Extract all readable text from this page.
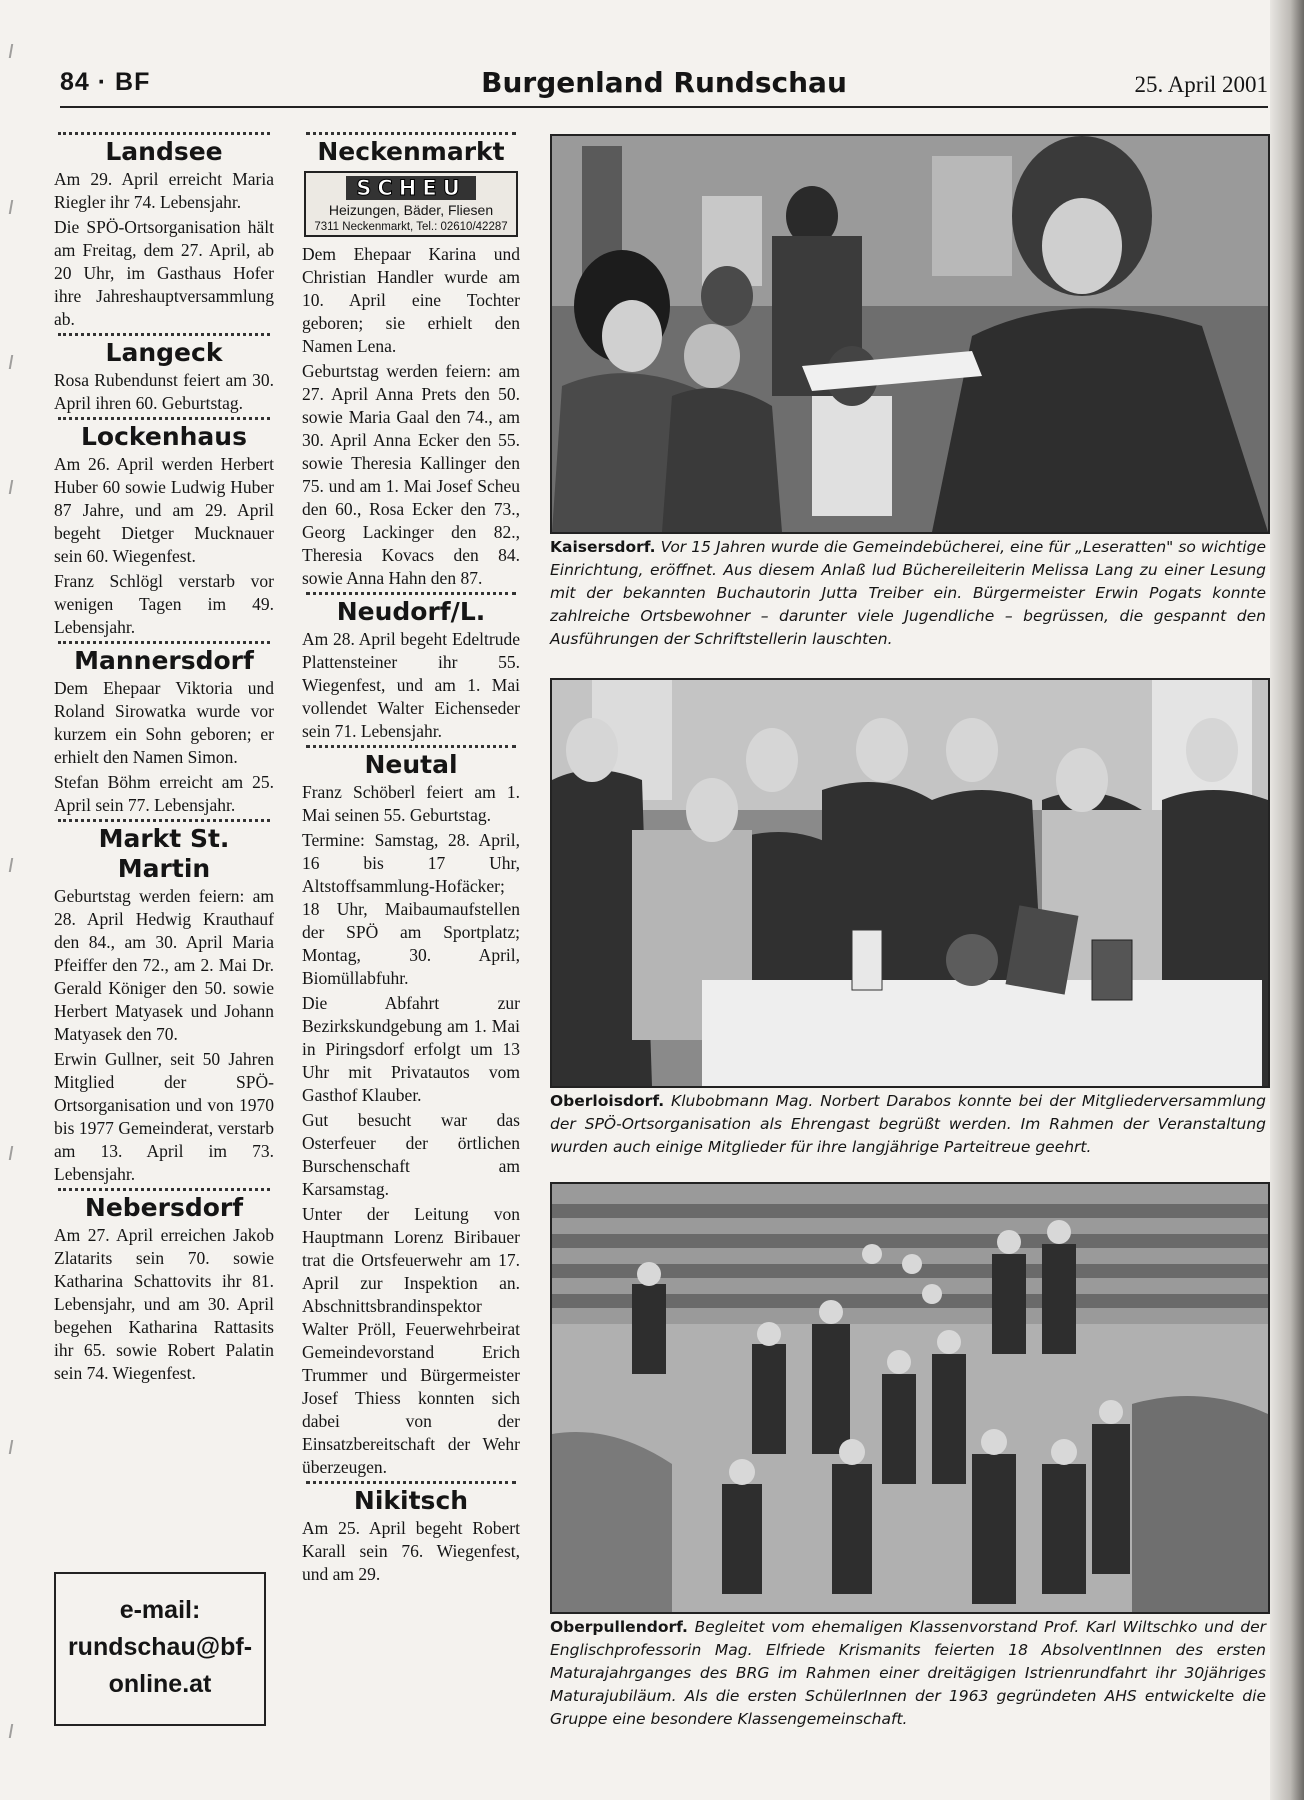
84 · BF	Burgenland Rundschau	25. April 2001
Landsee

Am 29. April erreicht Maria Riegler ihr 74. Lebensjahr.

Die SPÖ-Ortsorganisation hält am Freitag, dem 27. April, ab 20 Uhr, im Gasthaus Hofer ihre Jahreshauptversammlung ab.

Langeck

Rosa Rubendunst feiert am 30. April ihren 60. Geburtstag.

Lockenhaus

Am 26. April werden Herbert Huber 60 sowie Ludwig Huber 87 Jahre, und am 29. April begeht Dietger Mucknauer sein 60. Wiegenfest.

Franz Schlögl verstarb vor wenigen Tagen im 49. Lebensjahr.

Mannersdorf

Dem Ehepaar Viktoria und Roland Sirowatka wurde vor kurzem ein Sohn geboren; er erhielt den Namen Simon.

Stefan Böhm erreicht am 25. April sein 77. Lebensjahr.

Markt St. Martin

Geburtstag werden feiern: am 28. April Hedwig Krauthauf den 84., am 30. April Maria Pfeiffer den 72., am 2. Mai Dr. Gerald Königer den 50. sowie Herbert Matyasek und Johann Matyasek den 70.

Erwin Gullner, seit 50 Jahren Mitglied der SPÖ-Ortsorganisation und von 1970 bis 1977 Gemeinderat, verstarb am 13. April im 73. Lebensjahr.

Nebersdorf

Am 27. April erreichen Jakob Zlatarits sein 70. sowie Katharina Schattovits ihr 81. Lebensjahr, und am 30. April begehen Katharina Rattasits ihr 65. sowie Robert Palatin sein 74. Wiegenfest.

e-mail:
rundschau@bf-
online.at
Neckenmarkt
SCHEU
Heizungen, Bäder, Fliesen
7311 Neckenmarkt, Tel.: 02610/42287

Dem Ehepaar Karina und Christian Handler wurde am 10. April eine Tochter geboren; sie erhielt den Namen Lena.

Geburtstag werden feiern: am 27. April Anna Prets den 50. sowie Maria Gaal den 74., am 30. April Anna Ecker den 55. sowie Theresia Kallinger den 75. und am 1. Mai Josef Scheu den 60., Rosa Ecker den 73., Georg Lackinger den 82., Theresia Kovacs den 84. sowie Anna Hahn den 87.

Neudorf/L.

Am 28. April begeht Edeltrude Plattensteiner ihr 55. Wiegenfest, und am 1. Mai vollendet Walter Eichenseder sein 71. Lebensjahr.

Neutal

Franz Schöberl feiert am 1. Mai seinen 55. Geburtstag.

Termine: Samstag, 28. April, 16 bis 17 Uhr, Altstoffsammlung-Hofäcker; 18 Uhr, Maibaumaufstellen der SPÖ am Sportplatz; Montag, 30. April, Biomüllabfuhr.

Die Abfahrt zur Bezirkskundgebung am 1. Mai in Piringsdorf erfolgt um 13 Uhr mit Privatautos vom Gasthof Klauber.

Gut besucht war das Osterfeuer der örtlichen Burschenschaft am Karsamstag.

Unter der Leitung von Hauptmann Lorenz Biribauer trat die Ortsfeuerwehr am 17. April zur Inspektion an. Abschnittsbrandinspektor Walter Pröll, Feuerwehrbeirat Gemeindevorstand Erich Trummer und Bürgermeister Josef Thiess konnten sich dabei von der Einsatzbereitschaft der Wehr überzeugen.

Nikitsch

Am 25. April begeht Robert Karall sein 76. Wiegenfest, und am 29.

Kaisersdorf. Vor 15 Jahren wurde die Gemeindebücherei, eine für „Leseratten" so wichtige Einrichtung, eröffnet. Aus diesem Anlaß lud Büchereileiterin Melissa Lang zu einer Lesung mit der bekannten Buchautorin Jutta Treiber ein. Bürgermeister Erwin Pogats konnte zahlreiche Ortsbewohner – darunter viele Jugendliche – begrüssen, die gespannt den Ausführungen der Schriftstellerin lauschten.
Oberloisdorf. Klubobmann Mag. Norbert Darabos konnte bei der Mitgliederversammlung der SPÖ-Ortsorganisation als Ehrengast begrüßt werden. Im Rahmen der Veranstaltung wurden auch einige Mitglieder für ihre langjährige Parteitreue geehrt.
Oberpullendorf. Begleitet vom ehemaligen Klassenvorstand Prof. Karl Wiltschko und der Englischprofessorin Mag. Elfriede Krismanits feierten 18 AbsolventInnen des ersten Maturajahrganges des BRG im Rahmen einer dreitägigen Istrienrundfahrt ihr 30jähriges Maturajubiläum. Als die ersten SchülerInnen der 1963 gegründeten AHS entwickelte die Gruppe eine besondere Klassengemeinschaft.
